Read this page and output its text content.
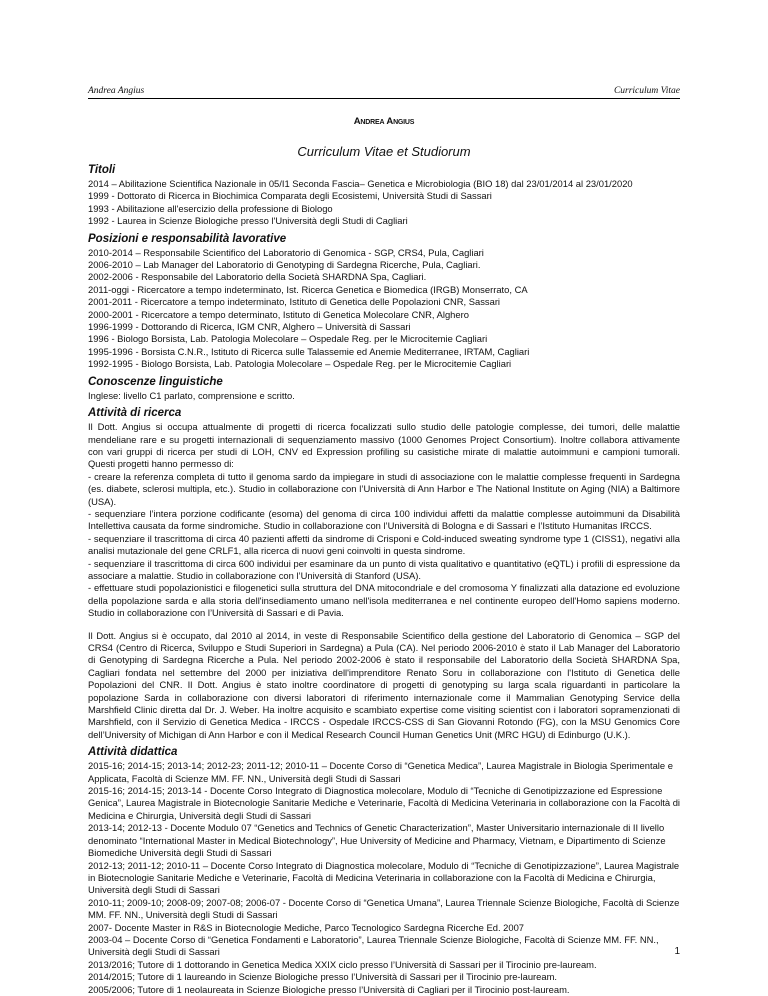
Andrea Angius	Curriculum Vitae

Andrea Angius

Curriculum Vitae et Studiorum

Titoli

2014 – Abilitazione Scientifica Nazionale in 05/I1 Seconda Fascia– Genetica e Microbiologia (BIO 18) dal 23/01/2014 al 23/01/2020

1999 - Dottorato di Ricerca in Biochimica Comparata degli Ecosistemi, Università Studi di Sassari

1993 - Abilitazione all'esercizio della professione di Biologo

1992 - Laurea in Scienze Biologiche presso l'Università degli Studi di Cagliari

Posizioni e responsabilità lavorative

2010-2014 – Responsabile Scientifico del Laboratorio di Genomica - SGP, CRS4, Pula, Cagliari

2006-2010 – Lab Manager del Laboratorio di Genotyping di Sardegna Ricerche, Pula, Cagliari.

2002-2006 - Responsabile del Laboratorio della Società SHARDNA Spa, Cagliari.

2011-oggi - Ricercatore a tempo indeterminato, Ist. Ricerca Genetica e Biomedica (IRGB) Monserrato, CA

2001-2011 - Ricercatore a tempo indeterminato, Istituto di Genetica delle Popolazioni CNR, Sassari

2000-2001 - Ricercatore a tempo determinato, Istituto di Genetica Molecolare CNR, Alghero

1996-1999 - Dottorando di Ricerca, IGM CNR, Alghero – Università di Sassari

1996 - Biologo Borsista, Lab. Patologia Molecolare – Ospedale Reg. per le Microcitemie Cagliari

1995-1996 - Borsista C.N.R., Istituto di Ricerca sulle Talassemie ed Anemie Mediterranee, IRTAM, Cagliari

1992-1995 - Biologo Borsista, Lab. Patologia Molecolare – Ospedale Reg. per le Microcitemie Cagliari

Conoscenze linguistiche

Inglese: livello C1 parlato, comprensione e scritto.

Attività di ricerca

Il Dott. Angius si occupa attualmente di progetti di ricerca focalizzati sullo studio delle patologie complesse, dei tumori, delle malattie mendeliane rare e su progetti internazionali di sequenziamento massivo (1000 Genomes Project Consortium). Inoltre collabora attivamente con vari gruppi di ricerca per studi di LOH, CNV ed Expression profiling su casistiche mirate di malattie autoimmuni e campioni tumorali. Questi progetti hanno permesso di:
- creare la referenza completa di tutto il genoma sardo da impiegare in studi di associazione con le malattie complesse frequenti in Sardegna (es. diabete, sclerosi multipla, etc.). Studio in collaborazione con l’Università di Ann Harbor e The National Institute on Aging (NIA) a Baltimore (USA).
- sequenziare l’intera porzione codificante (esoma) del genoma di circa 100 individui affetti da malattie complesse autoimmuni da Disabilità Intellettiva causata da forme sindromiche. Studio in collaborazione con l’Università di Bologna e di Sassari e l’Istituto Humanitas IRCCS.
- sequenziare il trascrittoma di circa 40 pazienti affetti da sindrome di Crisponi e Cold-induced sweating syndrome type 1 (CISS1), negativi alla analisi mutazionale del gene CRLF1, alla ricerca di nuovi geni coinvolti in questa sindrome.
- sequenziare il trascrittoma di circa 600 individui per esaminare da un punto di vista qualitativo e quantitativo (eQTL) i profili di espressione da associare a malattie. Studio in collaborazione con l’Università di Stanford (USA).
- effettuare studi popolazionistici e filogenetici sulla struttura del DNA mitocondriale e del cromosoma Y finalizzati alla datazione ed evoluzione della popolazione sarda e alla storia dell'insediamento umano nell'isola mediterranea e nel continente europeo dell'Homo sapiens moderno. Studio in collaborazione con l’Università di Sassari e di Pavia.

Il Dott. Angius si è occupato, dal 2010 al 2014, in veste di Responsabile Scientifico della gestione del Laboratorio di Genomica – SGP del CRS4 (Centro di Ricerca, Sviluppo e Studi Superiori in Sardegna) a Pula (CA). Nel periodo 2006-2010 è stato il Lab Manager del Laboratorio di Genotyping di Sardegna Ricerche a Pula. Nel periodo 2002-2006 è stato il responsabile del Laboratorio della Società SHARDNA Spa, Cagliari fondata nel settembre del 2000 per iniziativa dell'imprenditore Renato Soru in collaborazione con l'Istituto di Genetica delle Popolazioni del CNR. Il Dott. Angius è stato inoltre coordinatore di progetti di genotyping su larga scala riguardanti in particolare la popolazione Sarda in collaborazione con diversi laboratori di riferimento internazionale come il Mammalian Genotyping Service della Marshfield Clinic diretta dal Dr. J. Weber. Ha inoltre acquisito e scambiato expertise come visiting scientist con i laboratori sopramenzionati di Marshfield, con il Servizio di Genetica Medica - IRCCS - Ospedale IRCCS-CSS di San Giovanni Rotondo (FG), con la MSU Genomics Core dell’University of Michigan di Ann Harbor e con il Medical Research Council Human Genetics Unit (MRC HGU) di Edinburgo (U.K.).

Attività didattica

2015-16; 2014-15; 2013-14; 2012-23; 2011-12; 2010-11 – Docente Corso di “Genetica Medica”, Laurea Magistrale in Biologia Sperimentale e Applicata, Facoltà di Scienze MM. FF. NN., Università degli Studi di Sassari

2015-16; 2014-15; 2013-14 - Docente Corso Integrato di Diagnostica molecolare, Modulo di “Tecniche di Genotipizzazione ed Espressione Genica”, Laurea Magistrale in Biotecnologie Sanitarie Mediche e Veterinarie, Facoltà di Medicina Veterinaria in collaborazione con la Facoltà di Medicina e Chirurgia, Università degli Studi di Sassari

2013-14; 2012-13 - Docente Modulo 07 “Genetics and Technics of Genetic Characterization”, Master Universitario internazionale di II livello denominato “International Master in Medical Biotechnology”, Hue University of Medicine and Pharmacy, Vietnam, e Dipartimento di Scienze Biomediche Università degli Studi di Sassari

2012-13; 2011-12; 2010-11 – Docente Corso Integrato di Diagnostica molecolare, Modulo di “Tecniche di Genotipizzazione”, Laurea Magistrale in Biotecnologie Sanitarie Mediche e Veterinarie, Facoltà di Medicina Veterinaria in collaborazione con la Facoltà di Medicina e Chirurgia, Università degli Studi di Sassari

2010-11; 2009-10; 2008-09; 2007-08; 2006-07 - Docente Corso di “Genetica Umana”, Laurea Triennale Scienze Biologiche, Facoltà di Scienze MM. FF. NN., Università degli Studi di Sassari

2007- Docente Master in R&S in Biotecnologie Mediche, Parco Tecnologico Sardegna Ricerche Ed. 2007

2003-04 – Docente Corso di “Genetica Fondamenti e Laboratorio”, Laurea Triennale Scienze Biologiche, Facoltà di Scienze MM. FF. NN., Università degli Studi di Sassari

2013/2016; Tutore di 1 dottorando in Genetica Medica XXIX ciclo presso l’Università di Sassari per il Tirocinio pre-lauream.

2014/2015; Tutore di 1 laureando in Scienze Biologiche presso l’Università di Sassari per il Tirocinio pre-lauream.

2005/2006; Tutore di 1 neolaureata in Scienze Biologiche presso l’Università di Cagliari per il Tirocinio post-lauream.

1
